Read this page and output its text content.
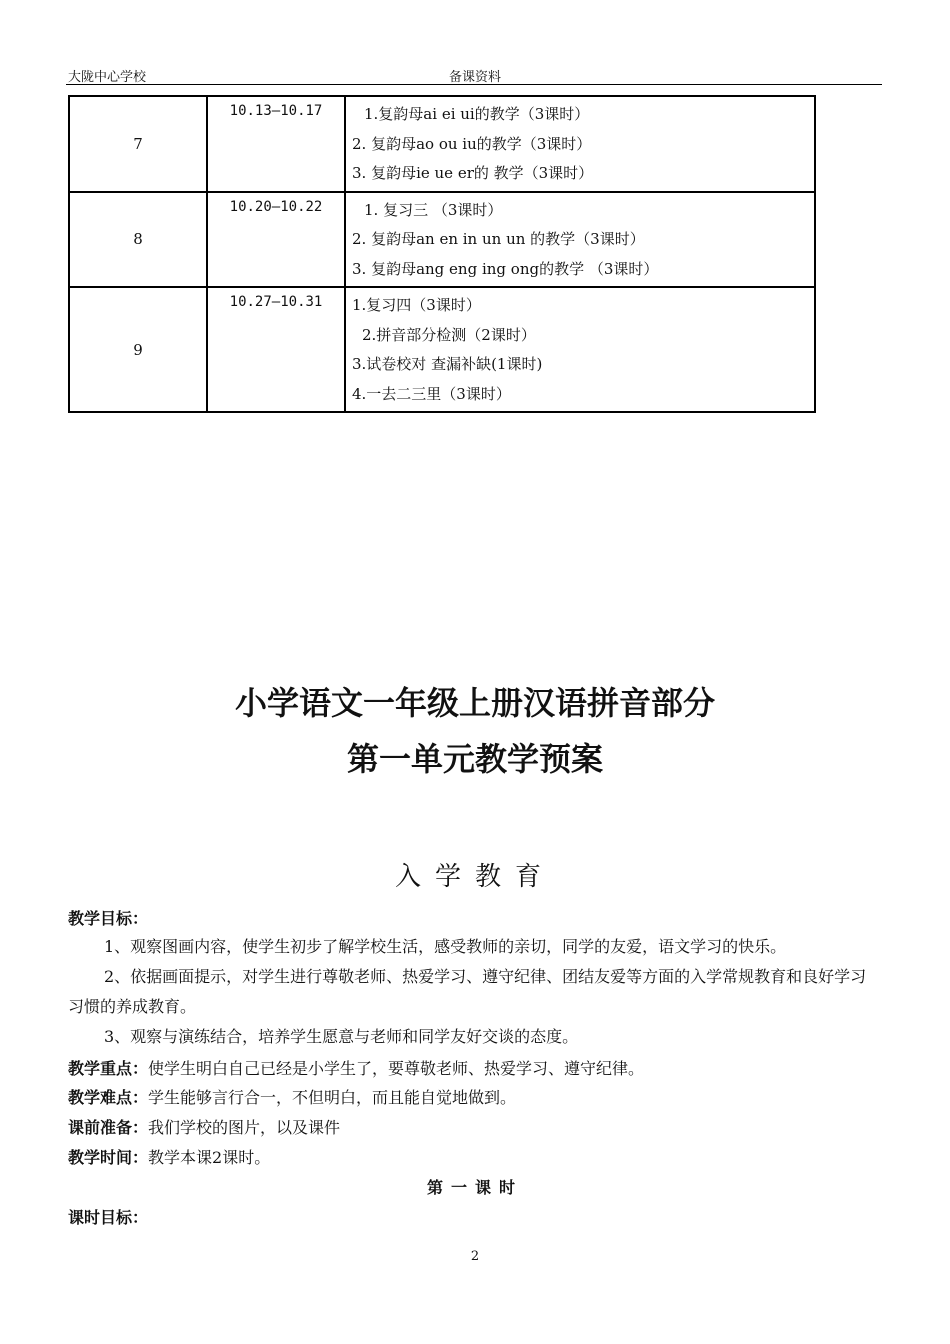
大陇中心学校	备课资料
7	10.13—10.17	1.复韵母ai ei ui的教学（3课时）
2. 复韵母ao ou iu的教学（3课时）
3. 复韵母ie ue er的 教学（3课时）

8	10.20—10.22	1. 复习三 （3课时）
2. 复韵母an en in un un 的教学（3课时）
3. 复韵母ang eng ing ong的教学 （3课时）

9	10.27—10.31	1.复习四（3课时）
2.拼音部分检测（2课时）
3.试卷校对 查漏补缺(1课时)
4.一去二三里（3课时）
小学语文一年级上册汉语拼音部分
第一单元教学预案
入学教育
教学目标：
1、观察图画内容，使学生初步了解学校生活，感受教师的亲切，同学的友爱，语文学习的快乐。
2、依据画面提示，对学生进行尊敬老师、热爱学习、遵守纪律、团结友爱等方面的入学常规教育和良好学习习惯的养成教育。
3、观察与演练结合，培养学生愿意与老师和同学友好交谈的态度。
教学重点：使学生明白自己已经是小学生了，要尊敬老师、热爱学习、遵守纪律。
教学难点：学生能够言行合一，不但明白，而且能自觉地做到。
课前准备：我们学校的图片，以及课件
教学时间：教学本课2课时。
第一课时
课时目标：
2
